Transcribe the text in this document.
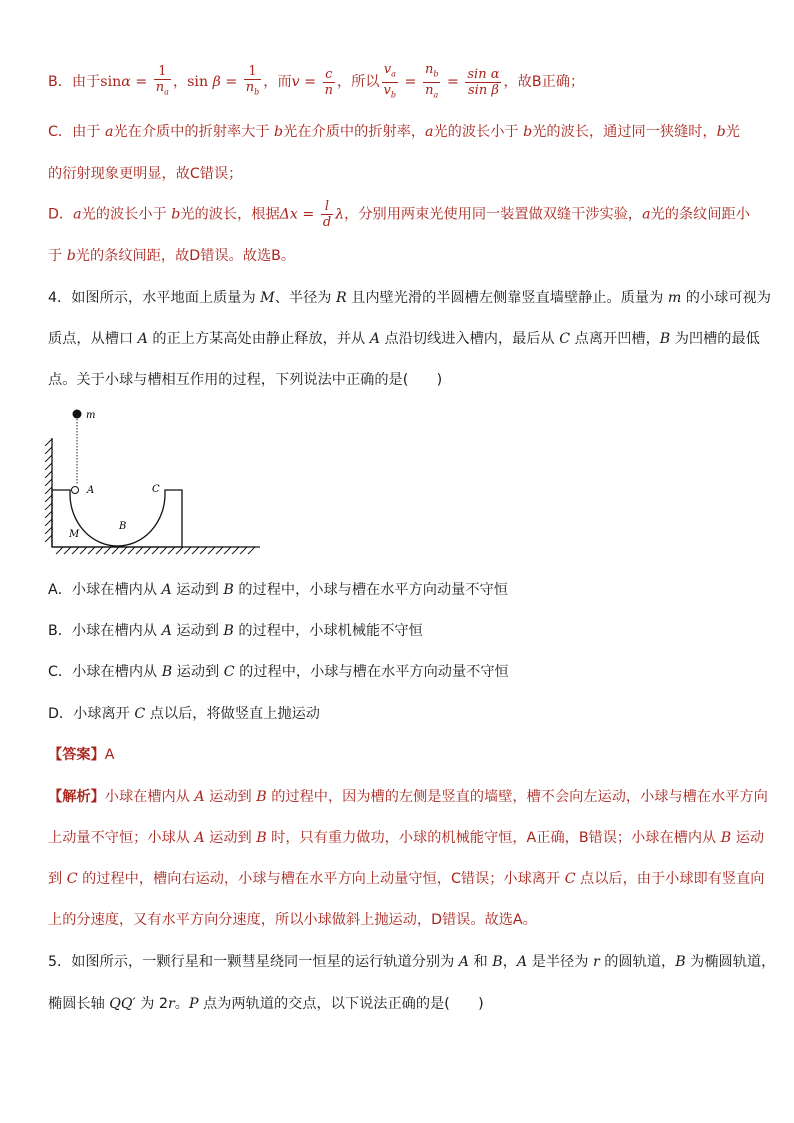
B．由于$\sin\alpha = \frac{1}{n_a}$ ，$\sin \beta = \frac{1}{n_b}$ ，而$v = \frac{c}{n}$ ，所以 $\frac{v_a}{v_b} = \frac{n_b}{n_a} = \frac{\text{sin α}}{\text{sin β}}$ ，故B正确；
C．由于 a光在介质中的折射率大于 b光在介质中的折射率，a光的波长小于 b光的波长，通过同一狭缝时，b光
的衍射现象更明显，故C错误；
D．a光的波长小于 b光的波长，根据$\Delta x = \frac{l}{d}$ λ，分别用两束光使用同一装置做双缝干涉实验，a光的条纹间距小
于 b光的条纹间距，故D错误。故选B。
4．如图所示，水平地面上质量为 M、半径为 R 且内壁光滑的半圆槽左侧靠竖直墙壁静止。质量为 m 的小球可视为
质点，从槽口 A 的正上方某高处由静止释放，并从 A 点沿切线进入槽内，最后从 C 点离开凹槽，B 为凹槽的最低
点。关于小球与槽相互作用的过程，下列说法中正确的是(　　)
m
A	C
B
M
A．小球在槽内从 A 运动到 B 的过程中，小球与槽在水平方向动量不守恒
B．小球在槽内从 A 运动到 B 的过程中，小球机械能不守恒
C．小球在槽内从 B 运动到 C 的过程中，小球与槽在水平方向动量不守恒
D．小球离开 C 点以后，将做竖直上抛运动
【答案】A
【解析】小球在槽内从 A 运动到 B 的过程中，因为槽的左侧是竖直的墙壁，槽不会向左运动，小球与槽在水平方向
上动量不守恒；小球从 A 运动到 B 时，只有重力做功，小球的机械能守恒，A正确，B错误；小球在槽内从 B 运动
到 C 的过程中，槽向右运动，小球与槽在水平方向上动量守恒，C错误；小球离开 C 点以后，由于小球即有竖直向
上的分速度，又有水平方向分速度，所以小球做斜上抛运动，D错误。故选A。
5．如图所示，一颗行星和一颗彗星绕同一恒星的运行轨道分别为 A 和 B，A 是半径为 r 的圆轨道，B 为椭圆轨道，
椭圆长轴 QQ′ 为 2r。P 点为两轨道的交点，以下说法正确的是(　　)
